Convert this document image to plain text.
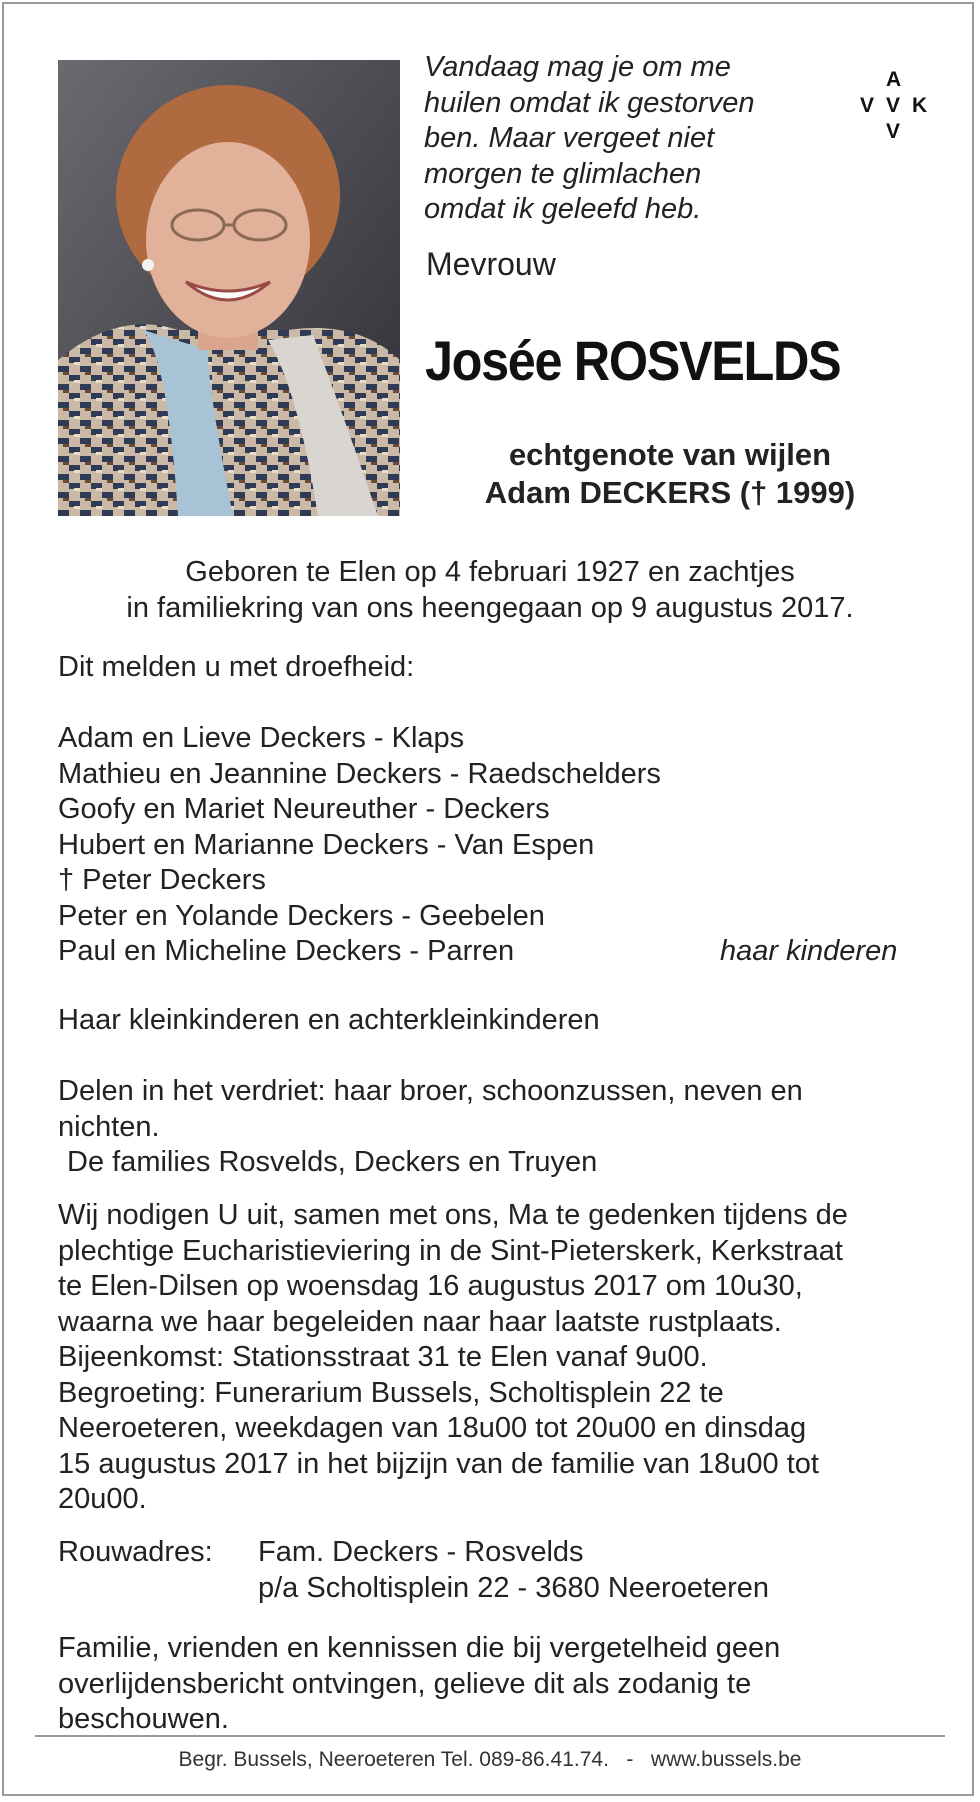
Vandaag mag je om me
huilen omdat ik gestorven
ben. Maar vergeet niet
morgen te glimlachen
omdat ik geleefd heb.
A
V V K
V
Mevrouw
Josée ROSVELDS
echtgenote van wijlen
Adam DECKERS († 1999)
Geboren te Elen op 4 februari 1927 en zachtjes
in familiekring van ons heengegaan op 9 augustus 2017.
Dit melden u met droefheid:
Adam en Lieve Deckers - Klaps
Mathieu en Jeannine Deckers - Raedschelders
Goofy en Mariet Neureuther - Deckers
Hubert en Marianne Deckers - Van Espen
† Peter Deckers
Peter en Yolande Deckers - Geebelen
Paul en Micheline Deckers - Parren	haar kinderen
Haar kleinkinderen en achterkleinkinderen
Delen in het verdriet: haar broer, schoonzussen, neven en
nichten.
De families Rosvelds, Deckers en Truyen
Wij nodigen U uit, samen met ons, Ma te gedenken tijdens de
plechtige Eucharistieviering in de Sint-Pieterskerk, Kerkstraat
te Elen-Dilsen op woensdag 16 augustus 2017 om 10u30,
waarna we haar begeleiden naar haar laatste rustplaats.
Bijeenkomst: Stationsstraat 31 te Elen vanaf 9u00.
Begroeting: Funerarium Bussels, Scholtisplein 22 te
Neeroeteren, weekdagen van 18u00 tot 20u00 en dinsdag
15 augustus 2017 in het bijzijn van de familie van 18u00 tot
20u00.
Rouwadres: Fam. Deckers - Rosvelds
p/a Scholtisplein 22 - 3680 Neeroeteren
Familie, vrienden en kennissen die bij vergetelheid geen
overlijdensbericht ontvingen, gelieve dit als zodanig te
beschouwen.
Begr. Bussels, Neeroeteren Tel. 089-86.41.74.   -   www.bussels.be
